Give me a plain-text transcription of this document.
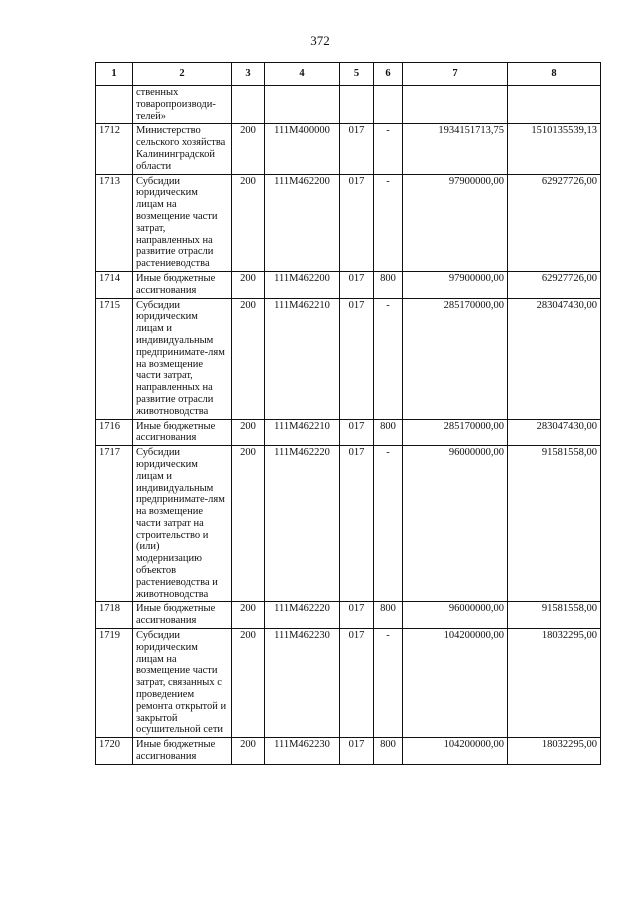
372
1	2	3	4	5	6	7	8
	ственных товаропроизводи-телей»						
1712	Министерство сельского хозяйства Калининградской области	200	111М400000	017	-	1934151713,75	1510135539,13
1713	Субсидии юридическим лицам на возмещение части затрат, направленных на развитие отрасли растениеводства	200	111М462200	017	-	97900000,00	62927726,00
1714	Иные бюджетные ассигнования	200	111М462200	017	800	97900000,00	62927726,00
1715	Субсидии юридическим лицам и индивидуальным предпринимате-лям на возмещение части затрат, направленных на развитие отрасли животноводства	200	111М462210	017	-	285170000,00	283047430,00
1716	Иные бюджетные ассигнования	200	111М462210	017	800	285170000,00	283047430,00
1717	Субсидии юридическим лицам и индивидуальным предпринимате-лям на возмещение части затрат на строительство и (или) модернизацию объектов растениеводства и животноводства	200	111М462220	017	-	96000000,00	91581558,00
1718	Иные бюджетные ассигнования	200	111М462220	017	800	96000000,00	91581558,00
1719	Субсидии юридическим лицам на возмещение части затрат, связанных с проведением ремонта открытой и закрытой осушительной сети	200	111М462230	017	-	104200000,00	18032295,00
1720	Иные бюджетные ассигнования	200	111М462230	017	800	104200000,00	18032295,00
